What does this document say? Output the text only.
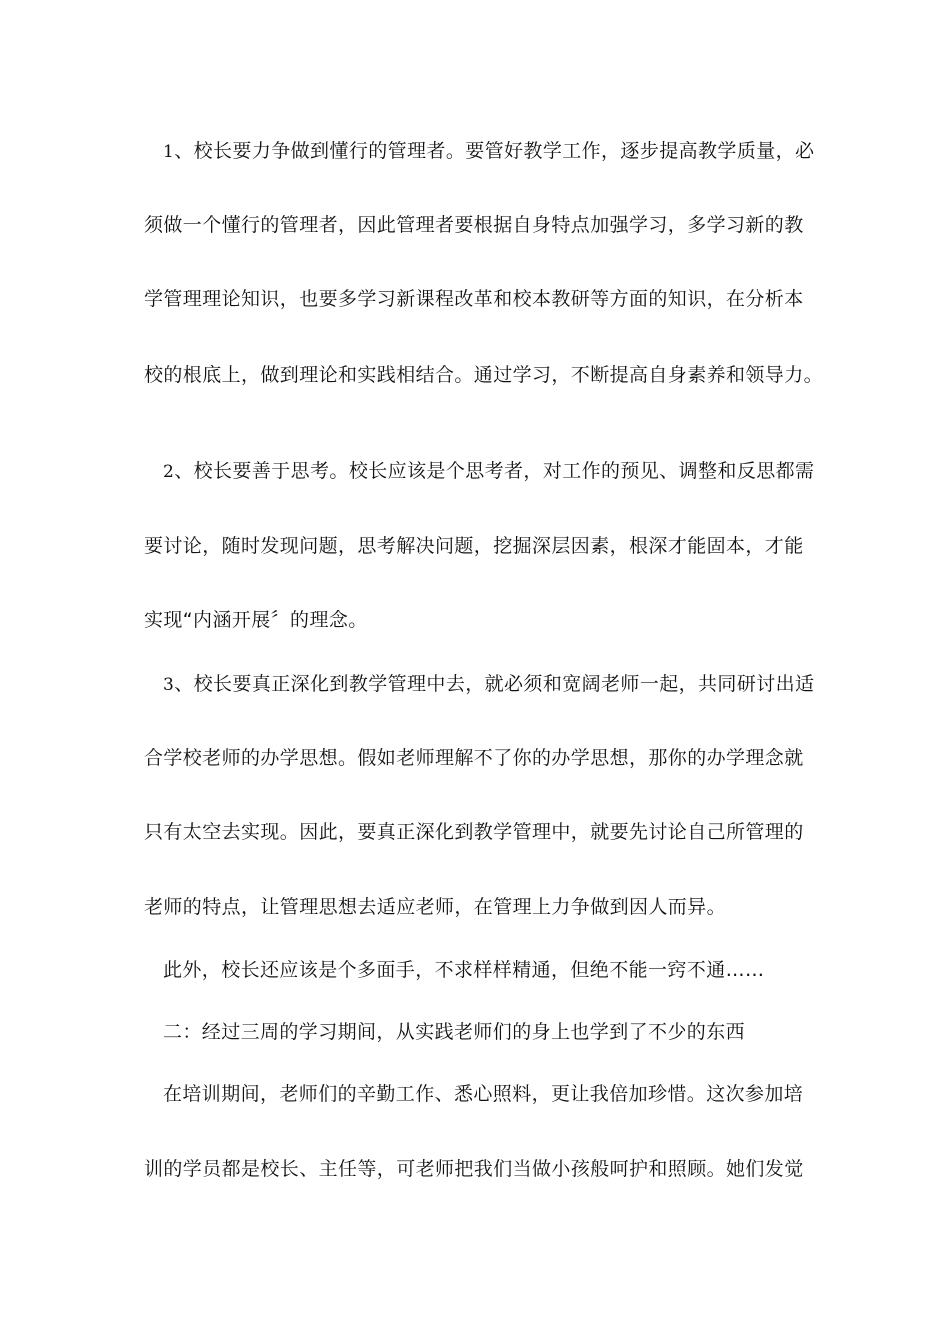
1、校长要力争做到懂行的管理者。要管好教学工作，逐步提高教学质量，必
须做一个懂行的管理者，因此管理者要根据自身特点加强学习，多学习新的教
学管理理论知识，也要多学习新课程改革和校本教研等方面的知识，在分析本
校的根底上，做到理论和实践相结合。通过学习，不断提高自身素养和领导力。
2、校长要善于思考。校长应该是个思考者，对工作的预见、调整和反思都需
要讨论，随时发现问题，思考解决问题，挖掘深层因素，根深才能固本，才能
实现“内涵开展〞的理念。
3、校长要真正深化到教学管理中去，就必须和宽阔老师一起，共同研讨出适
合学校老师的办学思想。假如老师理解不了你的办学思想，那你的办学理念就
只有太空去实现。因此，要真正深化到教学管理中，就要先讨论自己所管理的
老师的特点，让管理思想去适应老师，在管理上力争做到因人而异。
此外，校长还应该是个多面手，不求样样精通，但绝不能一窍不通……
二：经过三周的学习期间，从实践老师们的身上也学到了不少的东西
在培训期间，老师们的辛勤工作、悉心照料，更让我倍加珍惜。这次参加培
训的学员都是校长、主任等，可老师把我们当做小孩般呵护和照顾。她们发觉
